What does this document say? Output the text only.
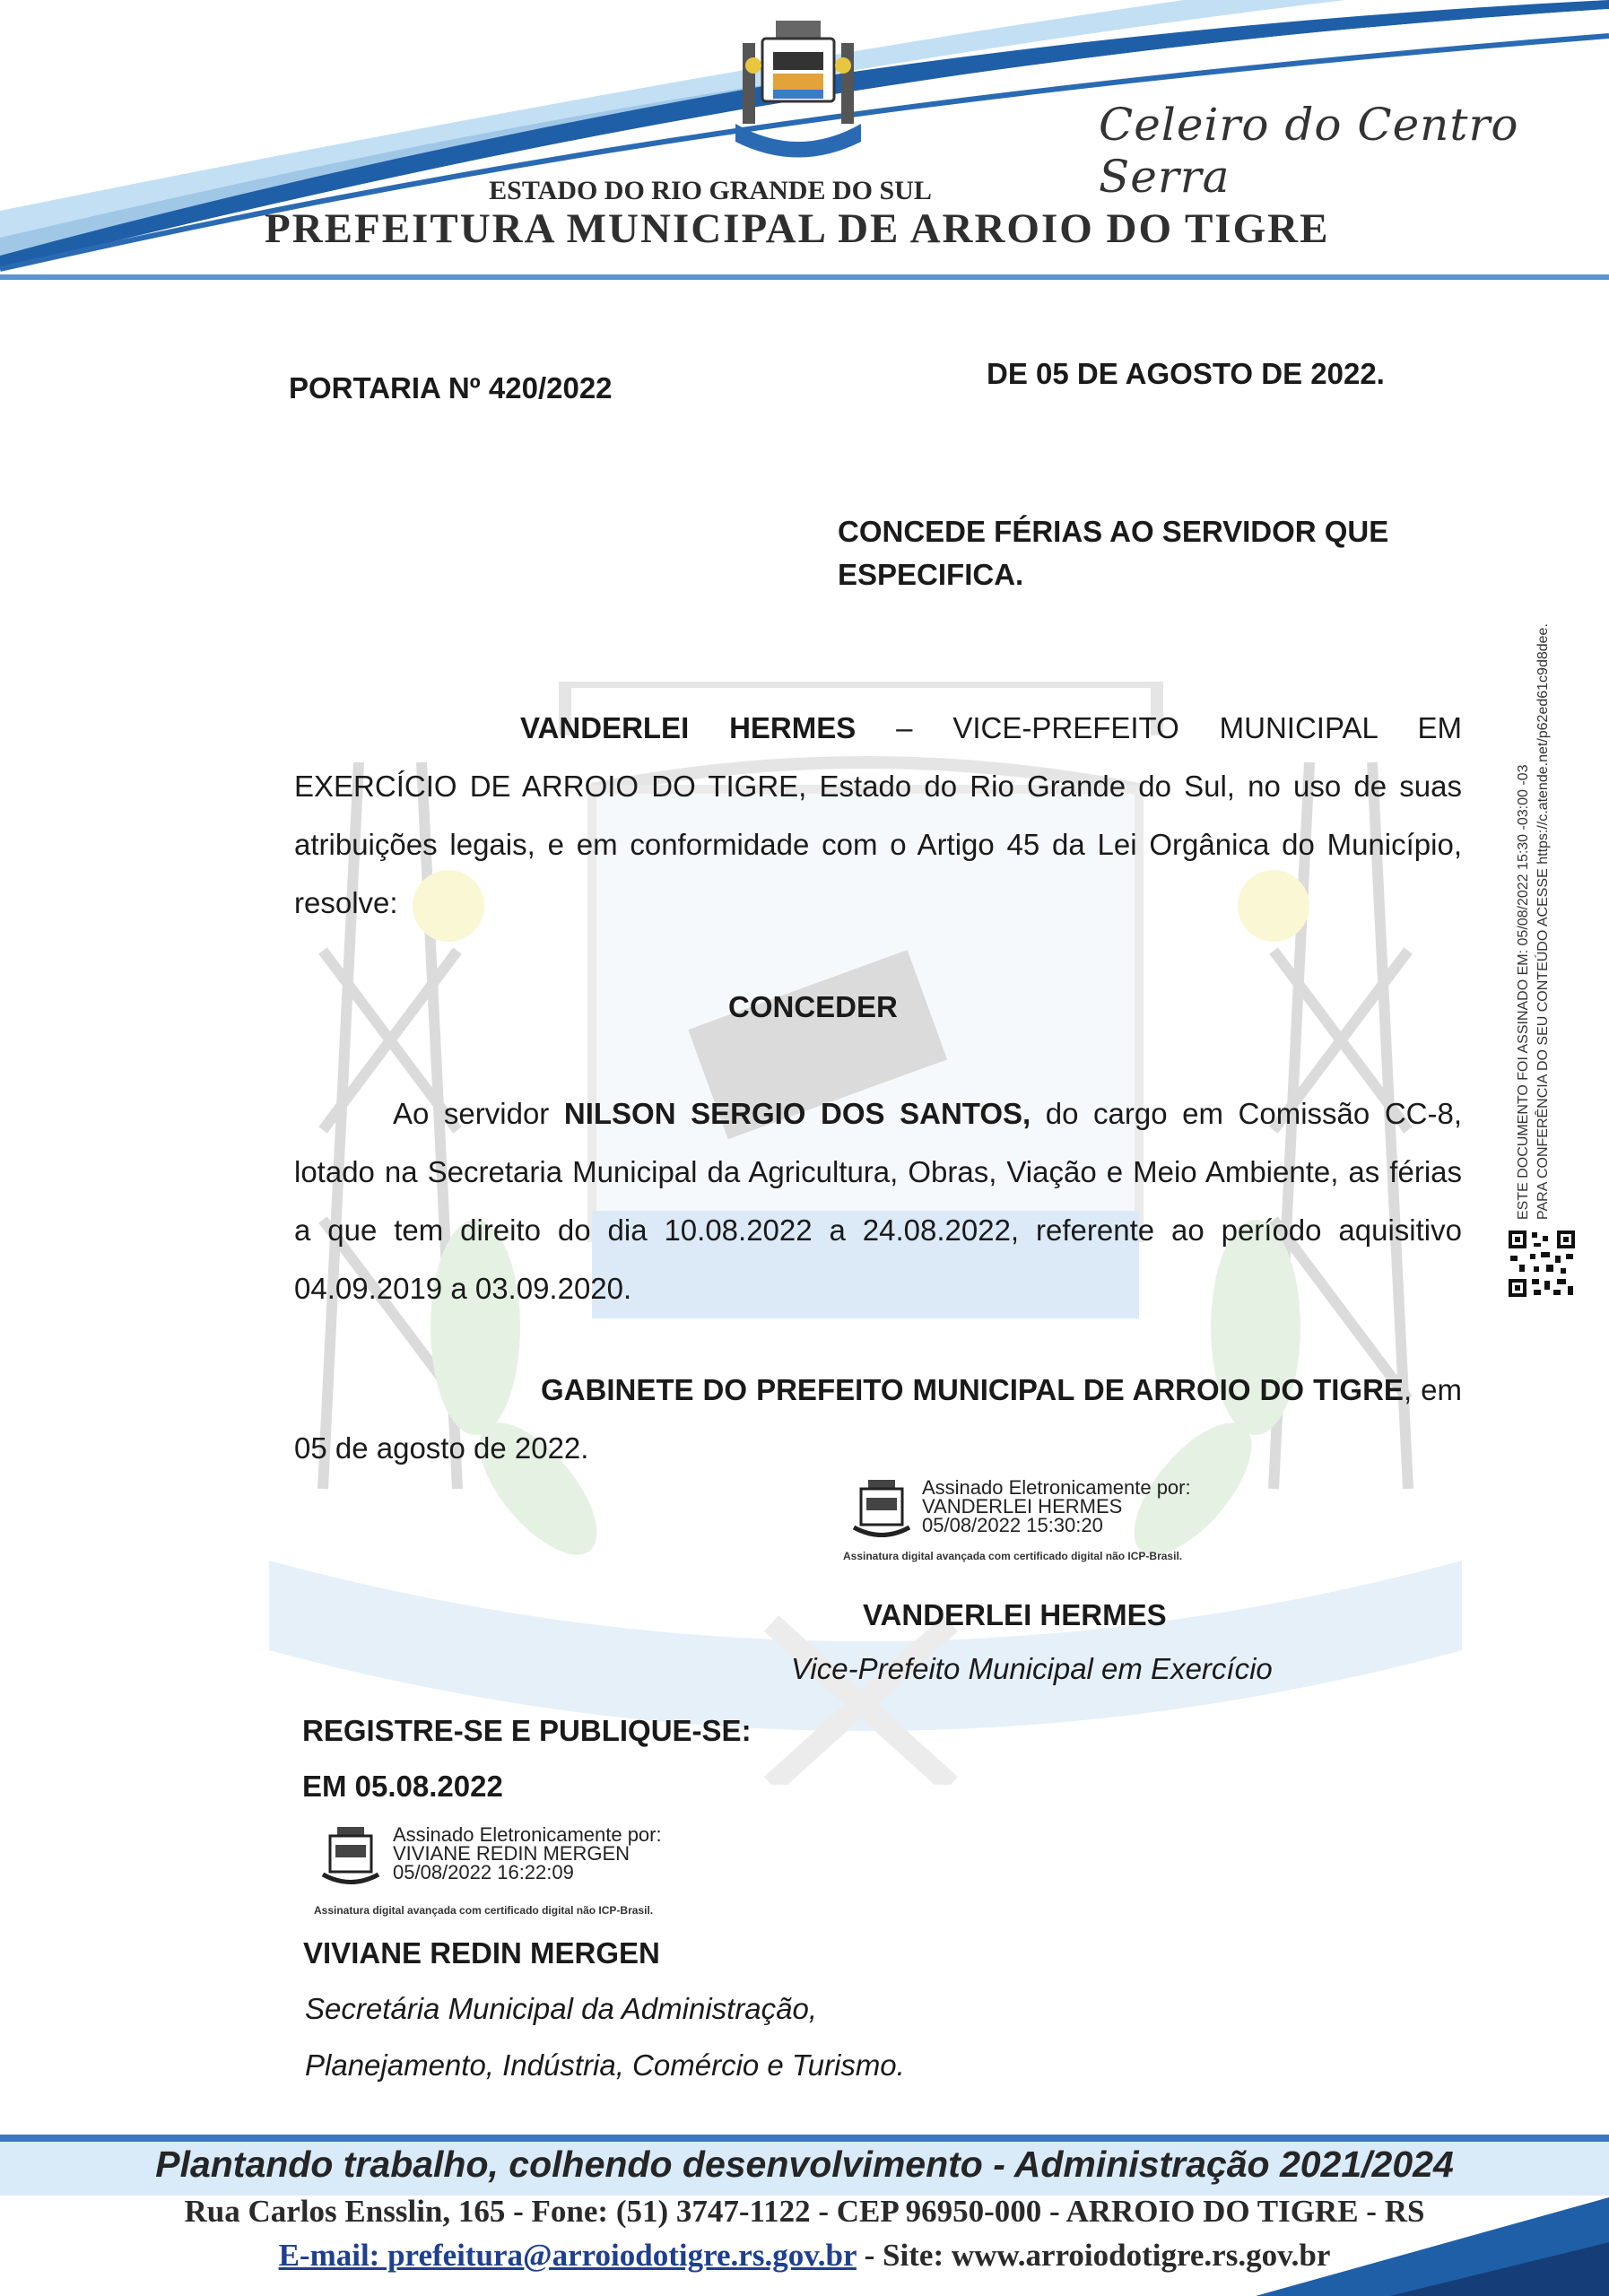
Celeiro do Centro Serra
ESTADO DO RIO GRANDE DO SUL
PREFEITURA MUNICIPAL DE ARROIO DO TIGRE
PORTARIA Nº 420/2022	DE 05 DE AGOSTO DE 2022.
CONCEDE FÉRIAS AO SERVIDOR QUE
ESPECIFICA.
VANDERLEI HERMES – VICE-PREFEITO MUNICIPAL EM EXERCÍCIO DE ARROIO DO TIGRE, Estado do Rio Grande do Sul, no uso de suas atribuições legais, e em conformidade com o Artigo 45 da Lei Orgânica do Município, resolve:
CONCEDER
Ao servidor NILSON SERGIO DOS SANTOS, do cargo em Comissão CC-8, lotado na Secretaria Municipal da Agricultura, Obras, Viação e Meio Ambiente, as férias a que tem direito do dia 10.08.2022 a 24.08.2022, referente ao período aquisitivo 04.09.2019 a 03.09.2020.
GABINETE DO PREFEITO MUNICIPAL DE ARROIO DO TIGRE, em 05 de agosto de 2022.
Assinado Eletronicamente por:
VANDERLEI HERMES
05/08/2022 15:30:20
Assinatura digital avançada com certificado digital não ICP-Brasil.
VANDERLEI HERMES
Vice-Prefeito Municipal em Exercício
REGISTRE-SE E PUBLIQUE-SE:
EM 05.08.2022
Assinado Eletronicamente por:
VIVIANE REDIN MERGEN
05/08/2022 16:22:09
Assinatura digital avançada com certificado digital não ICP-Brasil.
VIVIANE REDIN MERGEN
Secretária Municipal da Administração,
Planejamento, Indústria, Comércio e Turismo.
ESTE DOCUMENTO FOI ASSINADO EM: 05/08/2022 15:30 -03:00 -03 PARA CONFERÊNCIA DO SEU CONTEÚDO ACESSE https://c.atende.net/p62ed61c9d8dee.
Plantando trabalho, colhendo desenvolvimento - Administração 2021/2024
Rua Carlos Ensslin, 165 - Fone: (51) 3747-1122 - CEP 96950-000 - ARROIO DO TIGRE - RS
E-mail: prefeitura@arroiodotigre.rs.gov.br - Site: www.arroiodotigre.rs.gov.br
